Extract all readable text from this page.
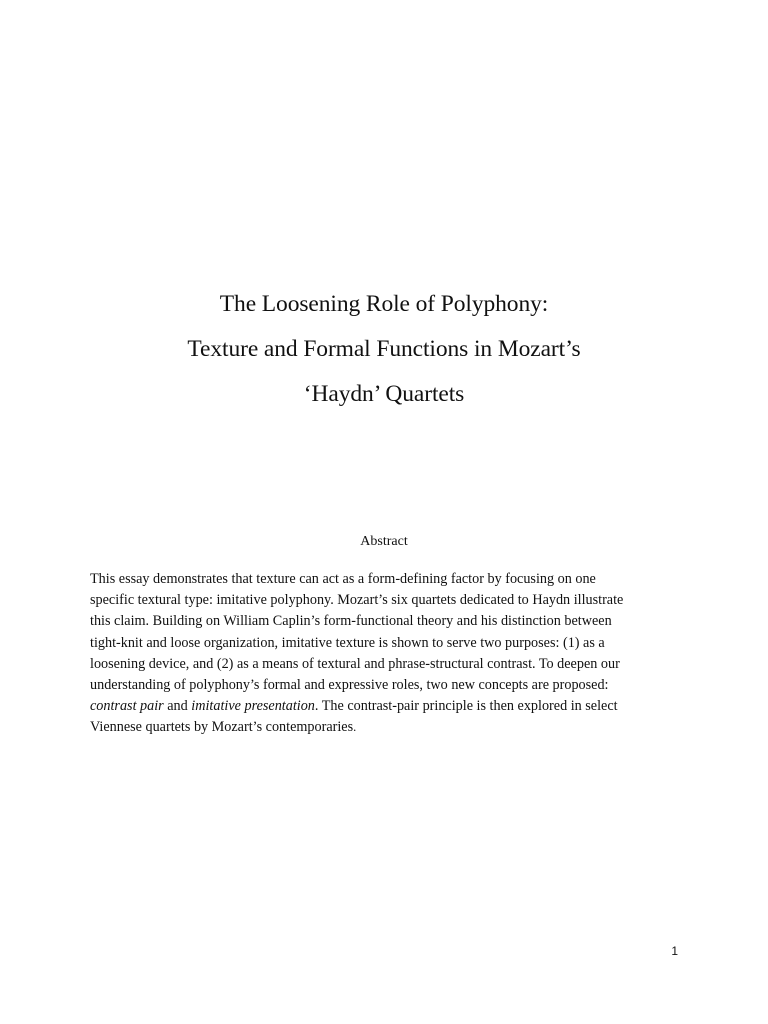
The Loosening Role of Polyphony:
Texture and Formal Functions in Mozart’s
‘Haydn’ Quartets
Abstract

This essay demonstrates that texture can act as a form-defining factor by focusing on one
specific textural type: imitative polyphony. Mozart’s six quartets dedicated to Haydn illustrate
this claim. Building on William Caplin’s form-functional theory and his distinction between
tight-knit and loose organization, imitative texture is shown to serve two purposes: (1) as a
loosening device, and (2) as a means of textural and phrase-structural contrast. To deepen our
understanding of polyphony’s formal and expressive roles, two new concepts are proposed:
contrast pair and imitative presentation. The contrast-pair principle is then explored in select
Viennese quartets by Mozart’s contemporaries.

1
